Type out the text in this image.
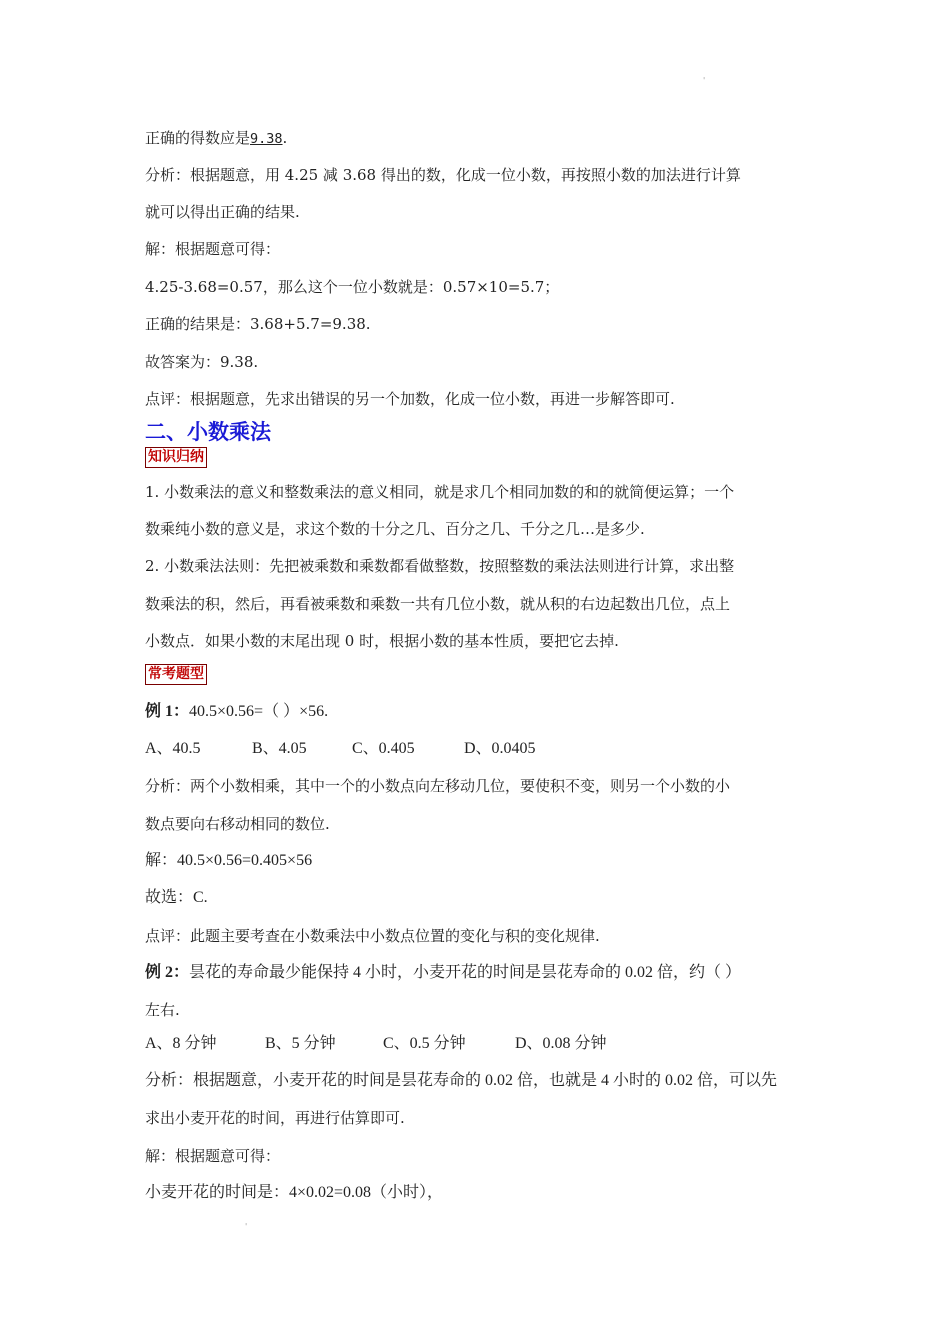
'
正确的得数应是9.38.
分析：根据题意，用 4.25 减 3.68 得出的数，化成一位小数，再按照小数的加法进行计算
就可以得出正确的结果.
解：根据题意可得：
4.25-3.68=0.57，那么这个一位小数就是：0.57×10=5.7；
正确的结果是：3.68+5.7=9.38.
故答案为：9.38.
点评：根据题意，先求出错误的另一个加数，化成一位小数，再进一步解答即可.
二、小数乘法
知识归纳
1. 小数乘法的意义和整数乘法的意义相同，就是求几个相同加数的和的就简便运算；一个
数乘纯小数的意义是，求这个数的十分之几、百分之几、千分之几…是多少.
2. 小数乘法法则：先把被乘数和乘数都看做整数，按照整数的乘法法则进行计算，求出整
数乘法的积，然后，再看被乘数和乘数一共有几位小数，就从积的右边起数出几位，点上
小数点．如果小数的末尾出现 0 时，根据小数的基本性质，要把它去掉.
常考题型
例 1：40.5×0.56=（ ）×56.
A、40.5	B、4.05	C、0.405	D、0.0405
分析：两个小数相乘，其中一个的小数点向左移动几位，要使积不变，则另一个小数的小
数点要向右移动相同的数位.
解：40.5×0.56=0.405×56
故选：C.
点评：此题主要考查在小数乘法中小数点位置的变化与积的变化规律.
例 2：昙花的寿命最少能保持 4 小时，小麦开花的时间是昙花寿命的 0.02 倍，约（ ）
左右.
A、8 分钟	B、5 分钟	C、0.5 分钟	D、0.08 分钟
分析：根据题意，小麦开花的时间是昙花寿命的 0.02 倍，也就是 4 小时的 0.02 倍，可以先
求出小麦开花的时间，再进行估算即可.
解：根据题意可得：
小麦开花的时间是：4×0.02=0.08（小时），
'
